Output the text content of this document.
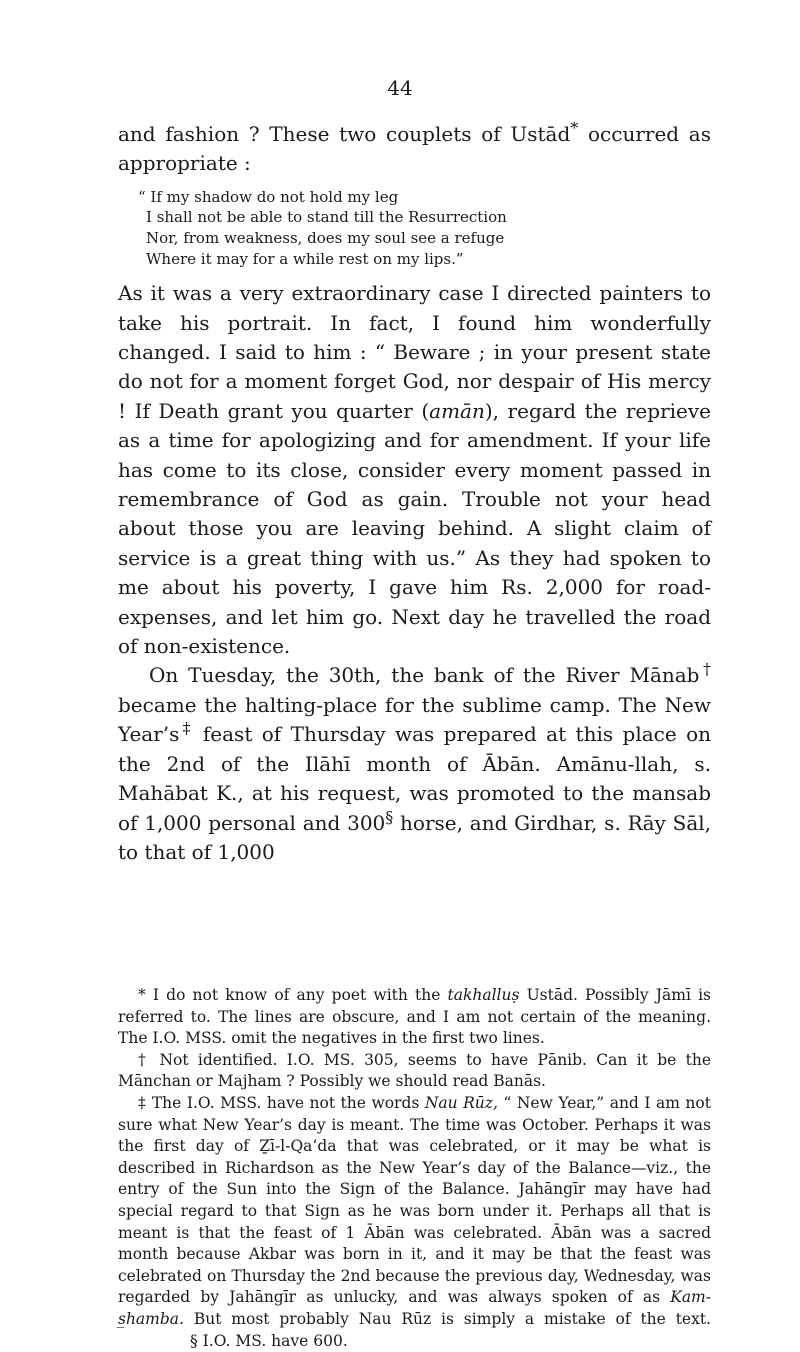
44

and fashion ? These two couplets of Ustād* occurred as appropriate :

“ If my shadow do not hold my leg
I shall not be able to stand till the Resurrection
Nor, from weakness, does my soul see a refuge
Where it may for a while rest on my lips.”

As it was a very extraordinary case I directed painters to take his portrait. In fact, I found him wonderfully changed. I said to him : “ Beware ; in your present state do not for a moment forget God, nor despair of His mercy ! If Death grant you quarter (amān), regard the reprieve as a time for apologizing and for amendment. If your life has come to its close, consider every moment passed in remembrance of God as gain. Trouble not your head about those you are leaving behind. A slight claim of service is a great thing with us.” As they had spoken to me about his poverty, I gave him Rs. 2,000 for road-expenses, and let him go. Next day he travelled the road of non-existence.

On Tuesday, the 30th, the bank of the River Mānab† became the halting-place for the sublime camp. The New Year’s‡ feast of Thursday was prepared at this place on the 2nd of the Ilāhī month of Ābān. Amānu-llah, s. Mahābat K., at his request, was promoted to the mansab of 1,000 personal and 300§ horse, and Girdhar, s. Rāy Sāl, to that of 1,000

* I do not know of any poet with the takhalluṣ Ustād. Possibly Jāmī is referred to. The lines are obscure, and I am not certain of the meaning. The I.O. MSS. omit the negatives in the first two lines.

† Not identified. I.O. MS. 305, seems to have Pānib. Can it be the Mānchan or Majham ? Possibly we should read Banās.

‡ The I.O. MSS. have not the words Nau Rūz, “ New Year,” and I am not sure what New Year’s day is meant. The time was October. Perhaps it was the first day of Ẕī-l-Qaʻda that was celebrated, or it may be what is described in Richardson as the New Year’s day of the Balance—viz., the entry of the Sun into the Sign of the Balance. Jahāngīr may have had special regard to that Sign as he was born under it. Perhaps all that is meant is that the feast of 1 Ābān was celebrated. Ābān was a sacred month because Akbar was born in it, and it may be that the feast was celebrated on Thursday the 2nd because the previous day, Wednesday, was regarded by Jahāngīr as unlucky, and was always spoken of as Kam-s̲hamba. But most probably Nau Rūz is simply a mistake of the text.§ I.O. MS. have 600.
